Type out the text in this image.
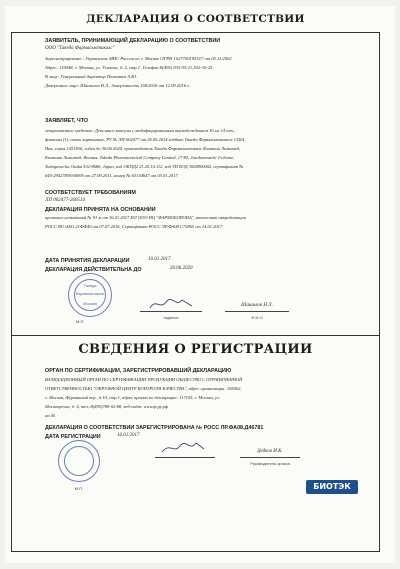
ДЕКЛАРАЦИЯ О СООТВЕТСТВИИ
ЗАЯВИТЕЛЬ, ПРИНИМАЮЩИЙ ДЕКЛАРАЦИЮ О СООТВЕТСТВИИ
ООО "Такеда Фармасьютикалс"
Зарегистрировано : Управление МНС России по г. Москве ОГРН 1027700195517 от 05.11.2002
Адрес: 119048, г. Москва, ул. Усачева, д. 2, стр.1. Телефон:8(495) 933-55-11,502-16-25
В лице: Генеральный директор Пономаев А.Ю.
Доверенное лицо: Шашилов Н.Л., доверенность 158/2016 от 12.09.2016 г.
ЗАЯВЛЯЕТ, ЧТО
лекарственное средство: Декслансо капсулы с модифицированным высвобождением 30 мг 14 шт.,
флаконы (1), пачки картонные, РУ № ЛП-002477 от 26.05.2014 годдаво Такеда Фармасьютикалс США,
Инк, серия 1451836, годен до 30.06.2020, производитель Такеда Фармасьютикалс Компани Лимитед,
Кампани Лимитед, Япония, Takeda Pharmaceutical Company Limited, 17-85, Jusohonmachi 2-chome,
Yodogawa-ku Osaka 532-8686, Japan, код ОКПД2 21.20.10.112, код ТН ВЭД 3004900002, сертификат №
645-29427859/00095 от 27.09.2011, номер № 63134647 от 05.01.2017
СООТВЕТСТВУЕТ ТРЕБОВАНИЯМ
ЛП 002477-260514
ДЕКЛАРАЦИЯ ПРИНЯТА НА ОСНОВАНИИ
протокол испытаний № 91 м от 16.01.2017 ИЛ ООО НЦ "ФАРМОБОРОНА", аттестат аккредитации
РОСС RU.0001.21ФФ40 от 07.07.2016, Сертификат РОСС ЛР.ФА08.С75865 от 14.01.2017
ДАТА ПРИНЯТИЯ ДЕКЛАРАЦИИ	16.01.2017
ДЕКЛАРАЦИЯ ДЕЙСТВИТЕЛЬНА ДО	30.06.2020
Такеда
Фармасьютикалс
Москва
подпись
Шашилов Н.Л.
Ф.И.О
М.П.
СВЕДЕНИЯ О РЕГИСТРАЦИИ
ОРГАН ПО СЕРТИФИКАЦИИ, ЗАРЕГИСТРИРОВАВШИЙ ДЕКЛАРАЦИЮ
ВАЛИДАЦИОННЫЙ ОРГАН ПО СЕРТИФИКАЦИИ ПРОДУКЦИИ ОБЩЕСТВО С ОГРАНИЧЕННОЙ
ОТВЕТСТВЕННОСТЬЮ "ОКРУЖНОЙ ЦЕНТР КОНТРОЛЯ КАЧЕСТВА", адрес организации: 105062,
г. Москва, Фурманный пер., д.10, стр.1, адрес приема по декларации: 117105, г. Москва, ул.
Москворечье, д. 4, тел.:8(495)788-02-88, веб-сайт: www.ф.ру.рф
ип 45
ДЕКЛАРАЦИЯ О СООТВЕТСТВИИ ЗАРЕГИСТРИРОВАНА № РОСС ЛР.ФА08.Д46781
ДАТА РЕГИСТРАЦИИ	16.01.2017
Дедков И.К.
Руководитель органа
М.П.	БИОТЭК
